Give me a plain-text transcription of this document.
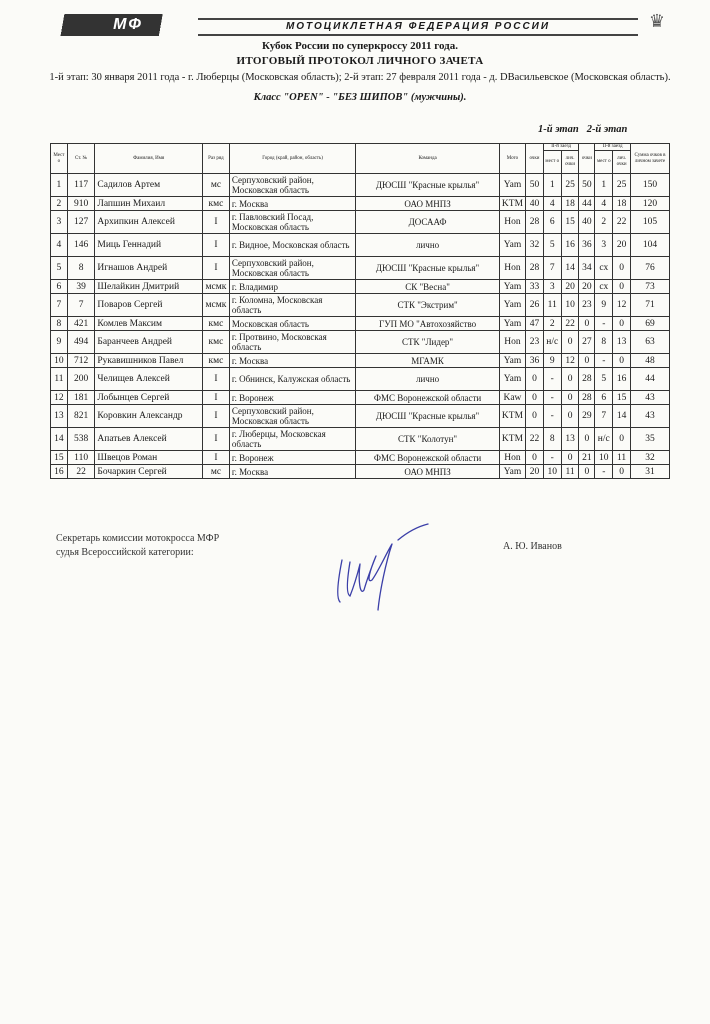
МФ	МОТОЦИКЛЕТНАЯ ФЕДЕРАЦИЯ РОССИИ	♛
Кубок России по суперкроссу 2011 года.
ИТОГОВЫЙ ПРОТОКОЛ ЛИЧНОГО ЗАЧЕТА
1-й этап: 30 января 2011 года - г. Люберцы (Московская область); 2-й этап: 27 февраля 2011 года - д. DВасильевское (Московская область).
Класс "OPEN" - "БЕЗ ШИПОВ" (мужчины).
1-й этап 2-й этап
Мест о	Ст. №	Фамилия, Имя	Раз ряд	Город (край, район, область)	Команда	Мото	очки	II-й заезд		очки	II-й заезд		Сумма очков в личном зачете
								мест о	лич. очки		мест о	лич. очки	
1	117	Садилов Артем	мс	Серпуховский район, Московская область	ДЮСШ "Красные крылья"	Yam	50	1	25	50	1	25	150
2	910	Лапшин Михаил	кмс	г. Москва	ОАО МНПЗ	KTM	40	4	18	44	4	18	120
3	127	Архипкин Алексей	I	г. Павловский Посад, Московская область	ДОСААФ	Hon	28	6	15	40	2	22	105
4	146	Миць Геннадий	I	г. Видное, Московская область	лично	Yam	32	5	16	36	3	20	104
5	8	Игнашов Андрей	I	Серпуховский район, Московская область	ДЮСШ "Красные крылья"	Hon	28	7	14	34	сх	0	76
6	39	Шелайкин Дмитрий	мсмк	г. Владимир	СК "Весна"	Yam	33	3	20	20	сх	0	73
7	7	Поваров Сергей	мсмк	г. Коломна, Московская область	СТК "Экстрим"	Yam	26	11	10	23	9	12	71
8	421	Комлев Максим	кмс	Московская область	ГУП МО "Автохозяйство	Yam	47	2	22	0	-	0	69
9	494	Баранчеев Андрей	кмс	г. Протвино, Московская область	СТК "Лидер"	Hon	23	н/с	0	27	8	13	63
10	712	Рукавишников Павел	кмс	г. Москва	МГАМК	Yam	36	9	12	0	-	0	48
11	200	Челищев Алексей	I	г. Обнинск, Калужская область	лично	Yam	0	-	0	28	5	16	44
12	181	Лобынцев Сергей	I	г. Воронеж	ФМС Воронежской области	Kaw	0	-	0	28	6	15	43
13	821	Коровкин Александр	I	Серпуховский район, Московская область	ДЮСШ "Красные крылья"	KTM	0	-	0	29	7	14	43
14	538	Апатьев Алексей	I	г. Люберцы, Московская область	СТК "Колотун"	KTM	22	8	13	0	н/с	0	35
15	110	Швецов Роман	I	г. Воронеж	ФМС Воронежской области	Hon	0	-	0	21	10	11	32
16	22	Бочаркин Сергей	мс	г. Москва	ОАО МНПЗ	Yam	20	10	11	0	-	0	31
Секретарь комиссии мотокросса МФР
судья Всероссийской категории:
А. Ю. Иванов
